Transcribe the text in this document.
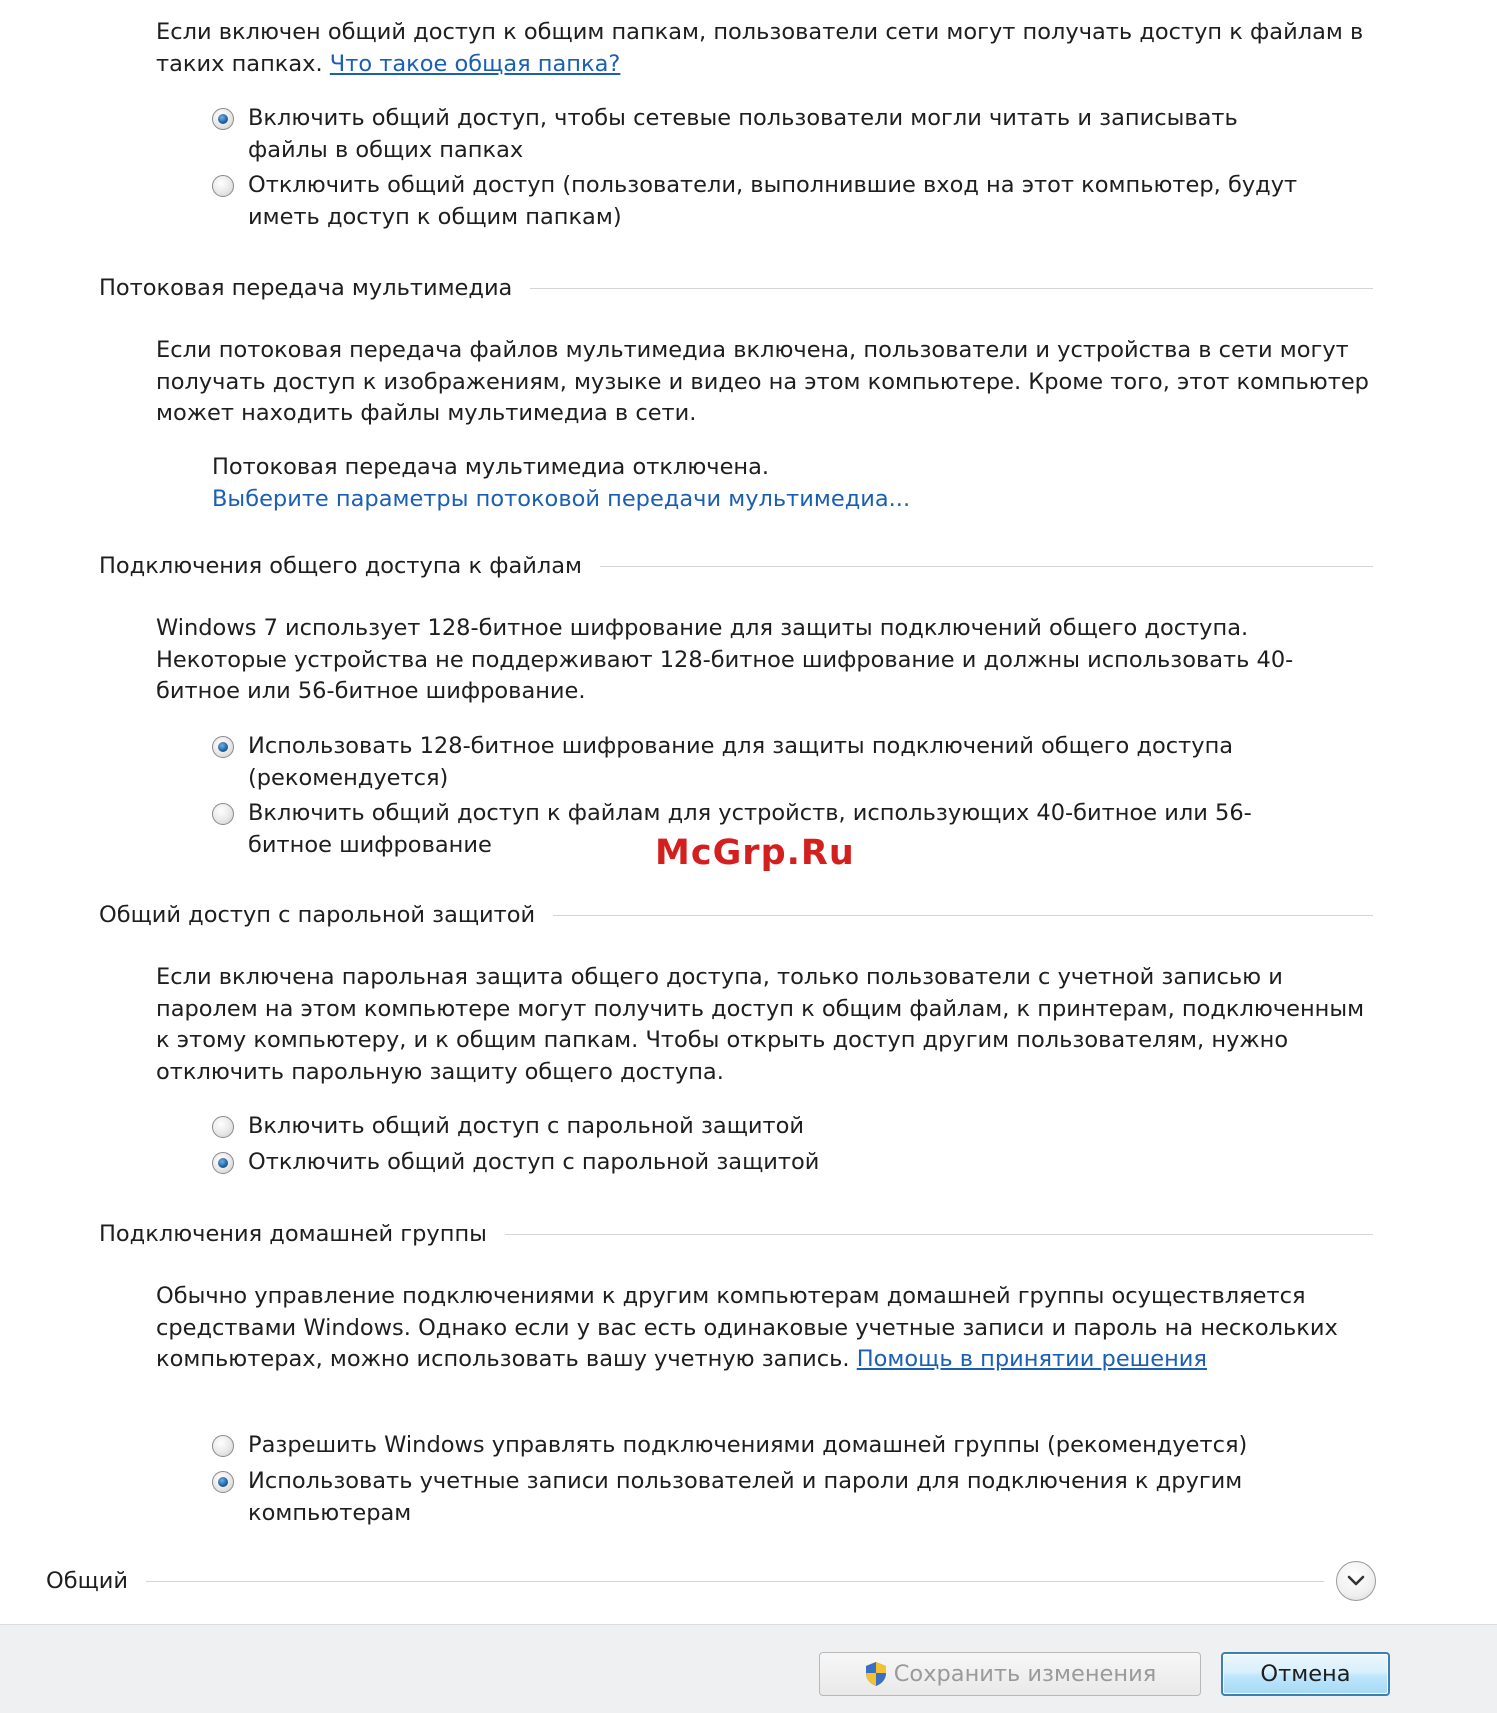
Если включен общий доступ к общим папкам, пользователи сети могут получать доступ к файлам в таких папках. Что такое общая папка?

Включить общий доступ, чтобы сетевые пользователи могли читать и записывать файлы в общих папках
Отключить общий доступ (пользователи, выполнившие вход на этот компьютер, будут иметь доступ к общим папкам)
Потоковая передача мультимедиа

Если потоковая передача файлов мультимедиа включена, пользователи и устройства в сети могут получать доступ к изображениям, музыке и видео на этом компьютере. Кроме того, этот компьютер может находить файлы мультимедиа в сети.

Потоковая передача мультимедиа отключена.
Выберите параметры потоковой передачи мультимедиа...
Подключения общего доступа к файлам

Windows 7 использует 128-битное шифрование для защиты подключений общего доступа. Некоторые устройства не поддерживают 128-битное шифрование и должны использовать 40-битное или 56-битное шифрование.

Использовать 128-битное шифрование для защиты подключений общего доступа (рекомендуется)
Включить общий доступ к файлам для устройств, использующих 40-битное или 56-битное шифрование	McGrp.Ru
Общий доступ с парольной защитой

Если включена парольная защита общего доступа, только пользователи с учетной записью и паролем на этом компьютере могут получить доступ к общим файлам, к принтерам, подключенным к этому компьютеру, и к общим папкам. Чтобы открыть доступ другим пользователям, нужно отключить парольную защиту общего доступа.

Включить общий доступ с парольной защитой
Отключить общий доступ с парольной защитой
Подключения домашней группы

Обычно управление подключениями к другим компьютерам домашней группы осуществляется средствами Windows. Однако если у вас есть одинаковые учетные записи и пароль на нескольких компьютерах, можно использовать вашу учетную запись. Помощь в принятии решения

Разрешить Windows управлять подключениями домашней группы (рекомендуется)
Использовать учетные записи пользователей и пароли для подключения к другим компьютерам
Общий
Сохранить изменения	Отмена
